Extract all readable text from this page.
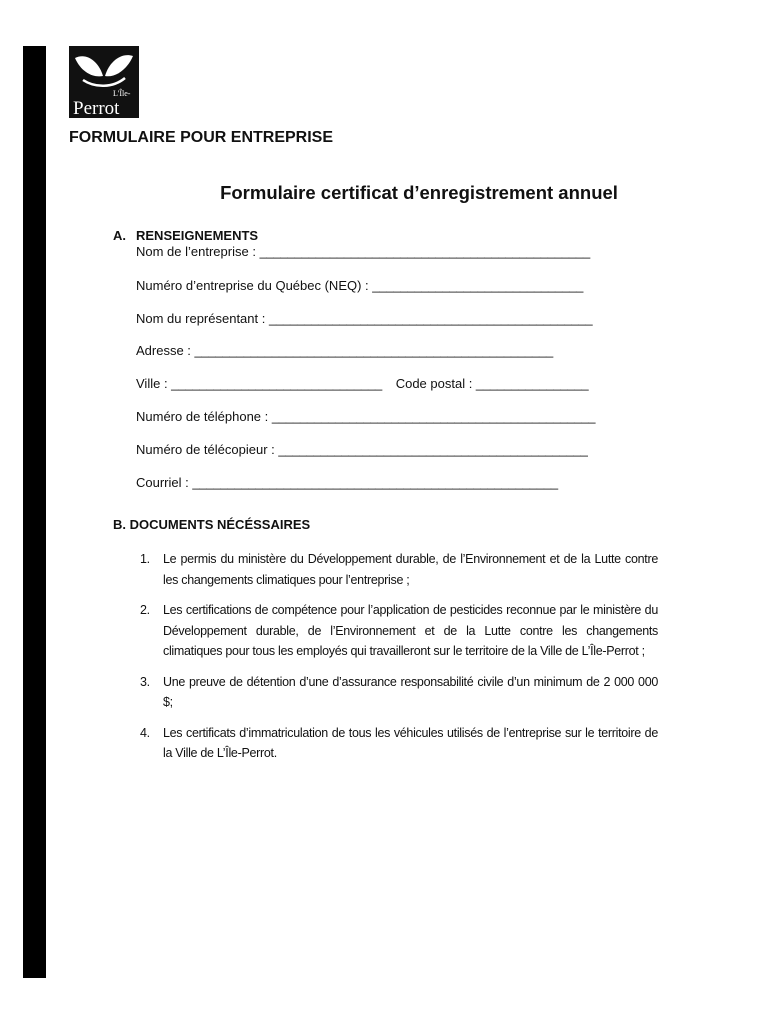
L'Île-
Perrot

FORMULAIRE POUR ENTREPRISE

Formulaire certificat d’enregistrement annuel

A. RENSEIGNEMENTS

Nom de l’entreprise : _______________________________________________
Numéro d’entreprise du Québec (NEQ) : ______________________________
Nom du représentant : ______________________________________________
Adresse : ___________________________________________________
Ville : ______________________________ Code postal : ________________
Numéro de téléphone : ______________________________________________
Numéro de télécopieur : ____________________________________________
Courriel : ____________________________________________________

B. DOCUMENTS NÉCÉSSAIRES

1. Le permis du ministère du Développement durable, de l’Environnement et de la Lutte contre les changements climatiques pour l’entreprise ;
2. Les certifications de compétence pour l’application de pesticides reconnue par le ministère du Développement durable, de l’Environnement et de la Lutte contre les changements climatiques pour tous les employés qui travailleront sur le territoire de la Ville de L’Île-Perrot ;
3. Une preuve de détention d’une d’assurance responsabilité civile d’un minimum de 2 000 000 $;
4. Les certificats d’immatriculation de tous les véhicules utilisés de l’entreprise sur le territoire de la Ville de L’Île-Perrot.
